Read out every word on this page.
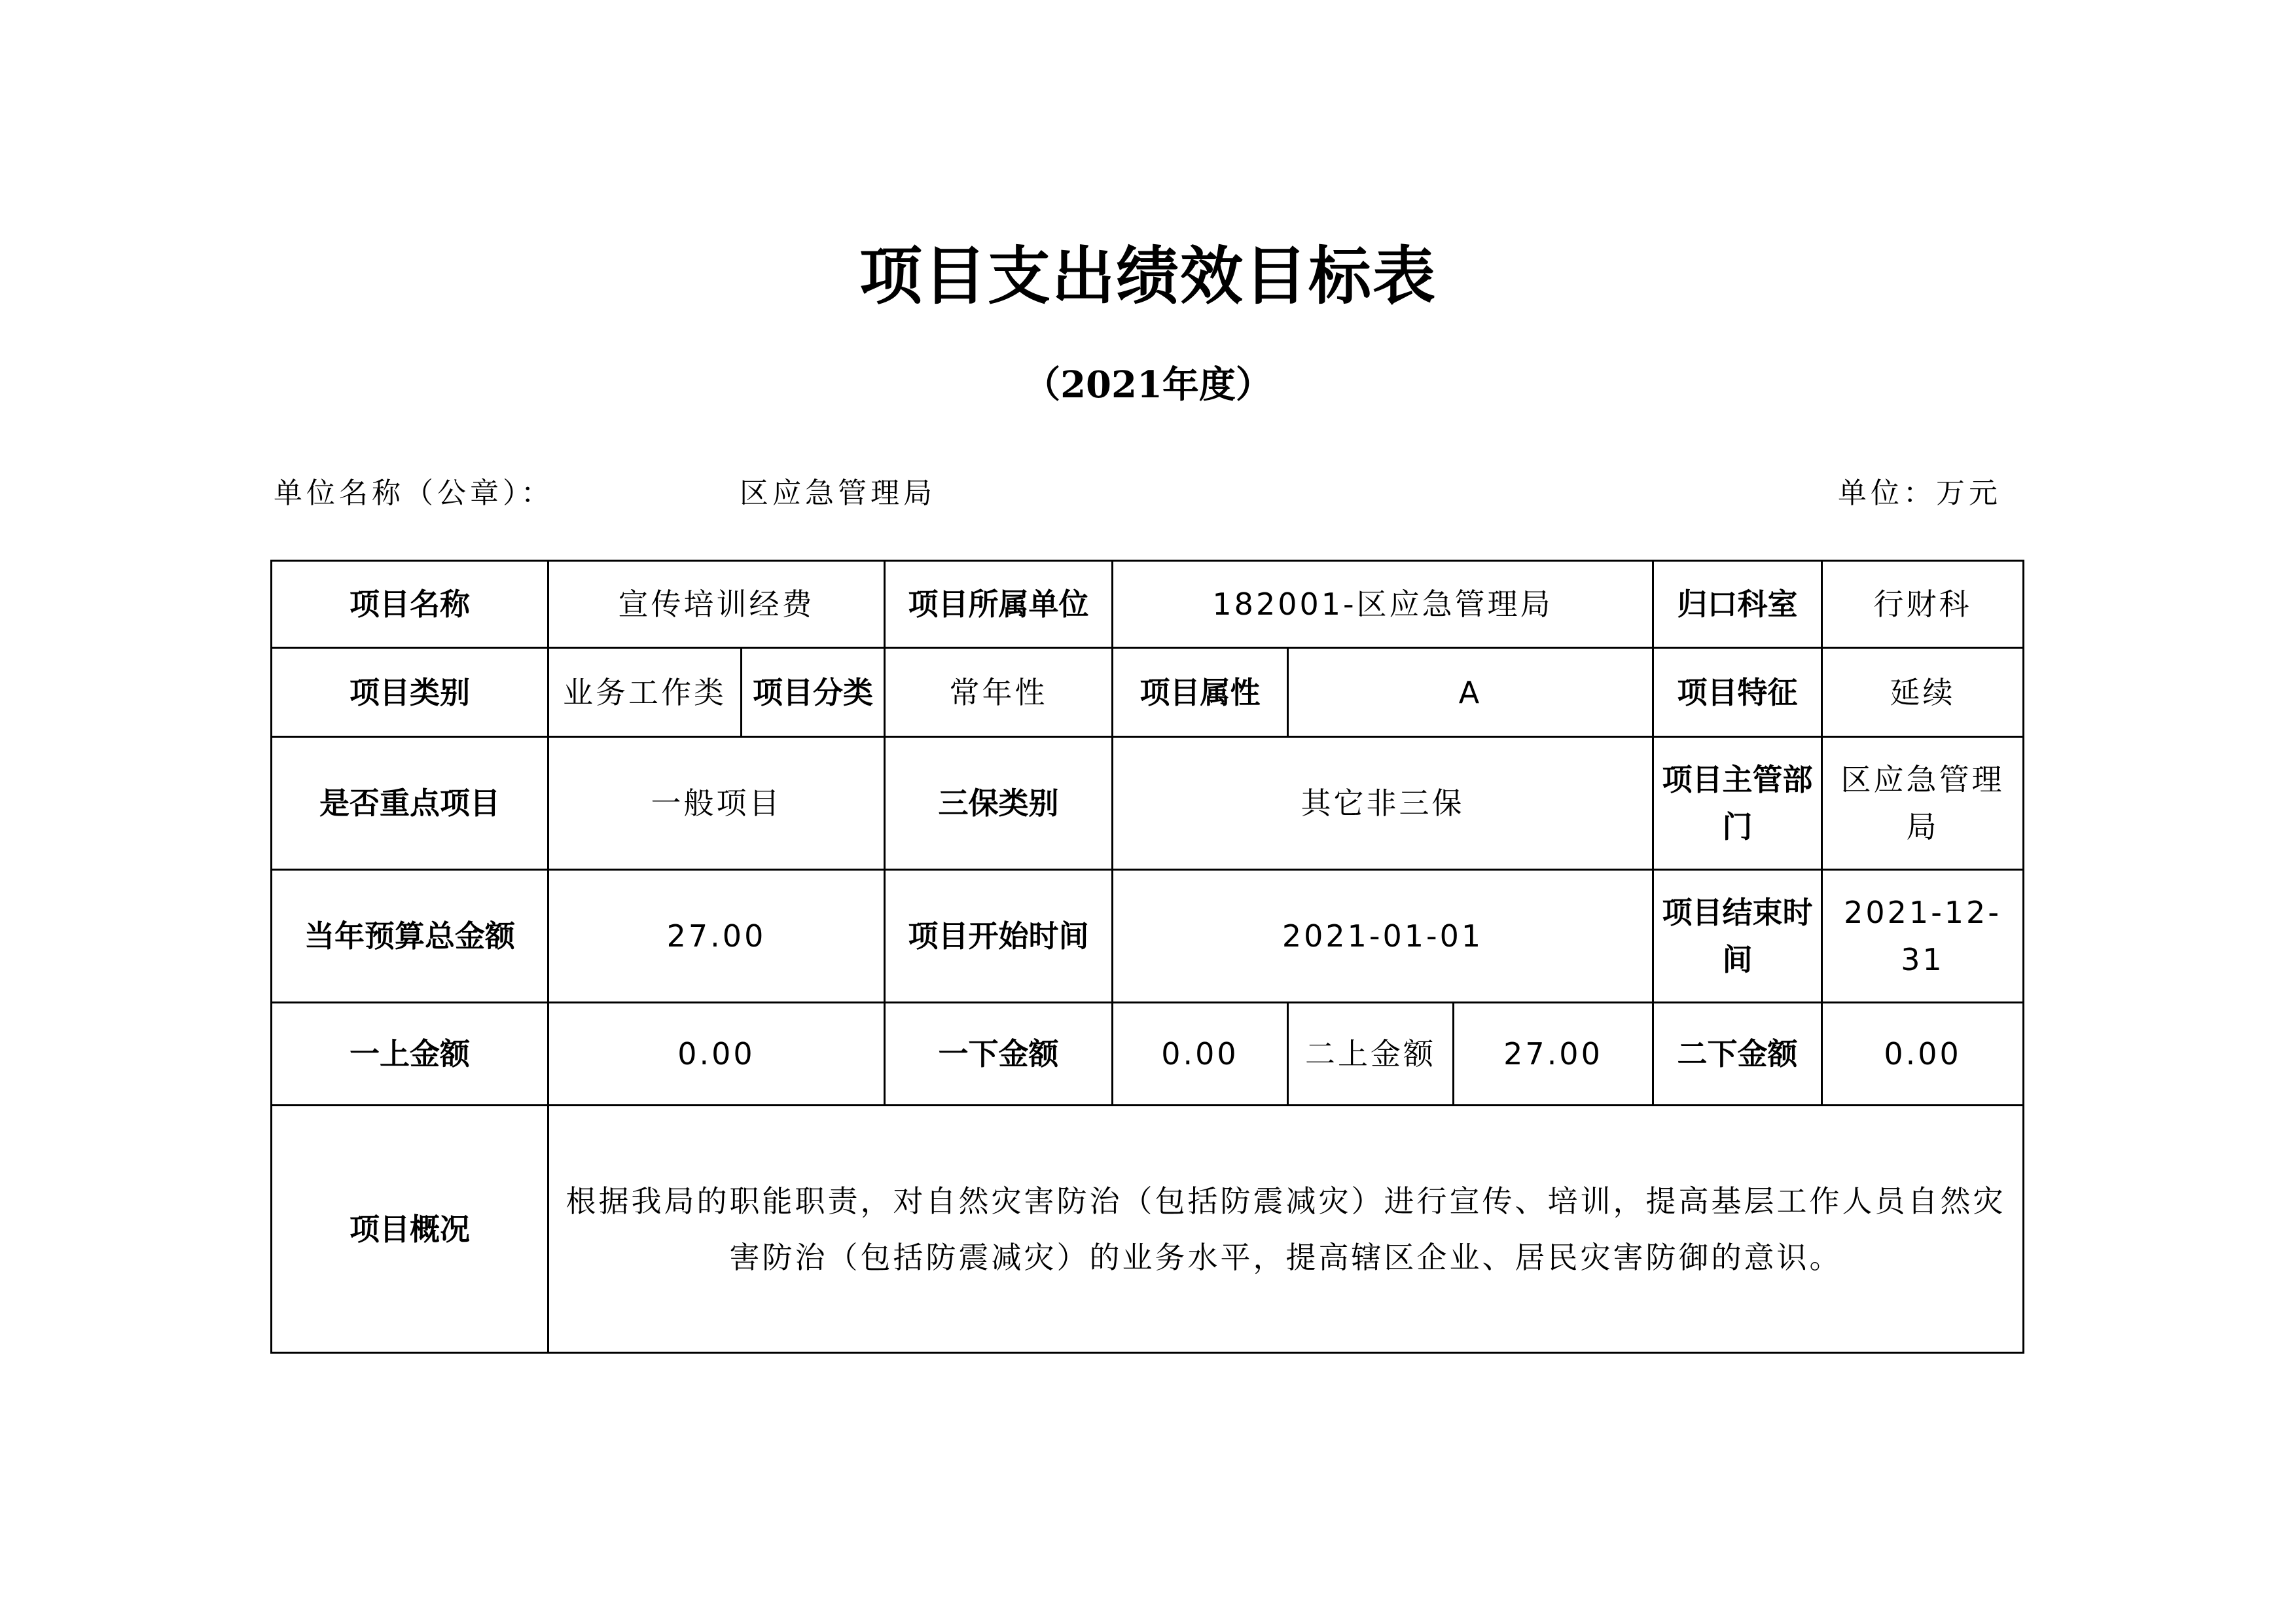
项目支出绩效目标表
（2021年度）
单位名称（公章）：	区应急管理局	单位：万元
项目名称	宣传培训经费		项目所属单位	182001-区应急管理局			归口科室	行财科
项目类别	业务工作类	项目分类	常年性	项目属性	A		项目特征	延续
是否重点项目	一般项目		三保类别	其它非三保			项目主管部门	区应急管理局
当年预算总金额	27.00		项目开始时间	2021-01-01			项目结束时间	2021-12-31
一上金额	0.00		一下金额	0.00	二上金额	27.00	二下金额	0.00
项目概况	根据我局的职能职责，对自然灾害防治（包括防震减灾）进行宣传、培训，提高基层工作人员自然灾害防治（包括防震减灾）的业务水平，提高辖区企业、居民灾害防御的意识。							
